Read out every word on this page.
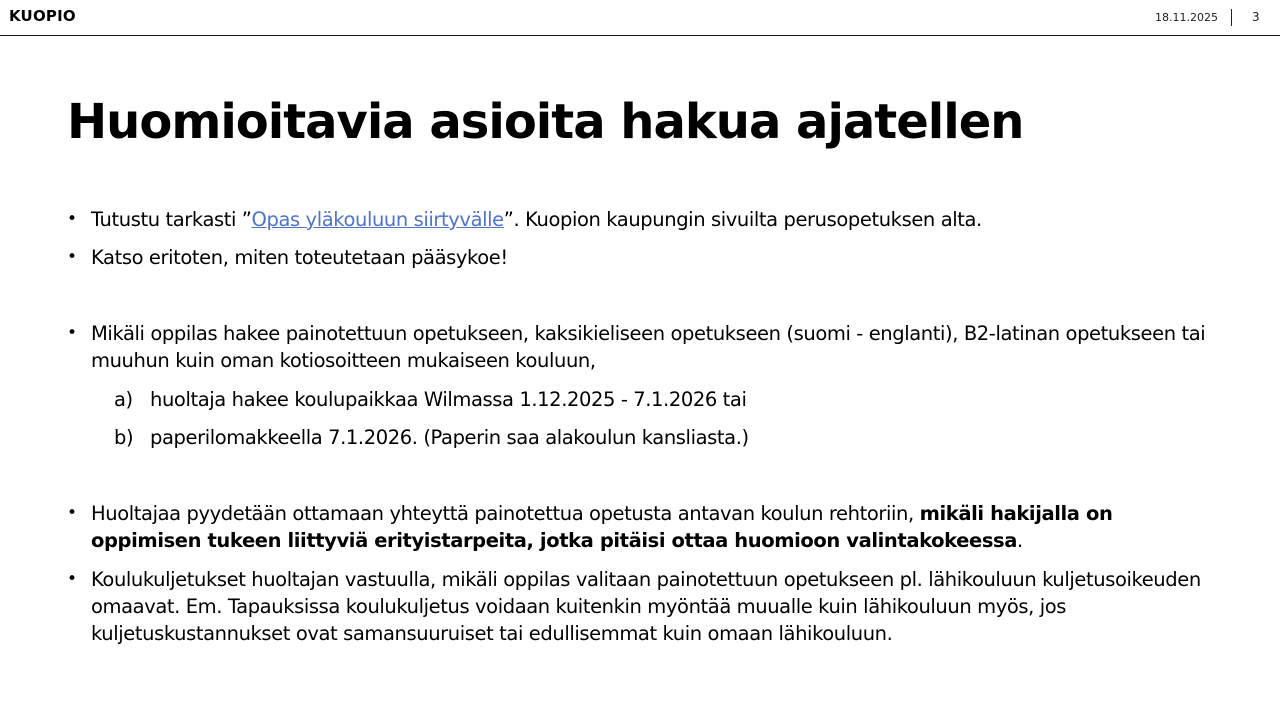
KUOPIO	18.11.2025	3
Huomioitavia asioita hakua ajatellen
• Tutustu tarkasti ”Opas yläkouluun siirtyvälle”. Kuopion kaupungin sivuilta perusopetuksen alta.
• Katso eritoten, miten toteutetaan pääsykoe!
• Mikäli oppilas hakee painotettuun opetukseen, kaksikieliseen opetukseen (suomi - englanti), B2-latinan opetukseen tai muuhun kuin oman kotiosoitteen mukaiseen kouluun,
a) huoltaja hakee koulupaikkaa Wilmassa 1.12.2025 - 7.1.2026 tai
b) paperilomakkeella 7.1.2026. (Paperin saa alakoulun kansliasta.)
• Huoltajaa pyydetään ottamaan yhteyttä painotettua opetusta antavan koulun rehtoriin, mikäli hakijalla on oppimisen tukeen liittyviä erityistarpeita, jotka pitäisi ottaa huomioon valintakokeessa.
• Koulukuljetukset huoltajan vastuulla, mikäli oppilas valitaan painotettuun opetukseen pl. lähikouluun kuljetusoikeuden omaavat. Em. Tapauksissa koulukuljetus voidaan kuitenkin myöntää muualle kuin lähikouluun myös, jos kuljetuskustannukset ovat samansuuruiset tai edullisemmat kuin omaan lähikouluun.
